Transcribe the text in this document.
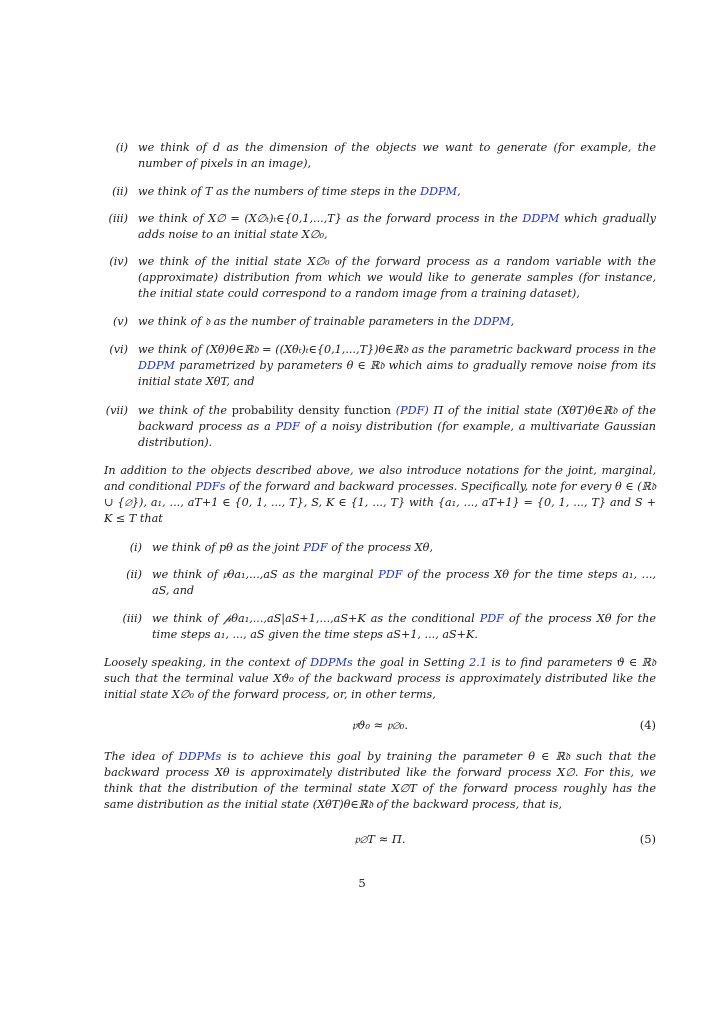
(i) we think of d as the dimension of the objects we want to generate (for example, the number of pixels in an image),
(ii) we think of T as the numbers of time steps in the DDPM,
(iii) we think of X∅ = (X∅ₜ)ₜ∈{0,1,...,T} as the forward process in the DDPM which gradually adds noise to an initial state X∅₀,
(iv) we think of the initial state X∅₀ of the forward process as a random variable with the (approximate) distribution from which we would like to generate samples (for instance, the initial state could correspond to a random image from a training dataset),
(v) we think of 𝔡 as the number of trainable parameters in the DDPM,
(vi) we think of (Xθ)θ∈ℝ𝔡 = ((Xθₜ)ₜ∈{0,1,...,T})θ∈ℝ𝔡 as the parametric backward process in the DDPM parametrized by parameters θ ∈ ℝ𝔡 which aims to gradually remove noise from its initial state XθT, and
(vii) we think of the probability density function (PDF) Π of the initial state (XθT)θ∈ℝ𝔡 of the backward process as a PDF of a noisy distribution (for example, a multivariate Gaussian distribution).
In addition to the objects described above, we also introduce notations for the joint, marginal, and conditional PDFs of the forward and backward processes. Specifically, note for every θ ∈ (ℝ𝔡 ∪ {∅}), a₁, ..., aT+1 ∈ {0, 1, ..., T}, S, K ∈ {1, ..., T} with {a₁, ..., aT+1} = {0, 1, ..., T} and S + K ≤ T that
(i) we think of pθ as the joint PDF of the process Xθ,
(ii) we think of 𝔭θa₁,...,aS as the marginal PDF of the process Xθ for the time steps a₁, ..., aS, and
(iii) we think of 𝓅θa₁,...,aS|aS+1,...,aS+K as the conditional PDF of the process Xθ for the time steps a₁, ..., aS given the time steps aS+1, ..., aS+K.
Loosely speaking, in the context of DDPMs the goal in Setting 2.1 is to find parameters ϑ ∈ ℝ𝔡 such that the terminal value Xϑ₀ of the backward process is approximately distributed like the initial state X∅₀ of the forward process, or, in other terms,
𝔭ϑ₀ ≈ 𝔭∅₀.	(4)
The idea of DDPMs is to achieve this goal by training the parameter θ ∈ ℝ𝔡 such that the backward process Xθ is approximately distributed like the forward process X∅. For this, we think that the distribution of the terminal state X∅T of the forward process roughly has the same distribution as the initial state (XθT)θ∈ℝ𝔡 of the backward process, that is,
𝔭∅T ≈ Π.	(5)
5
